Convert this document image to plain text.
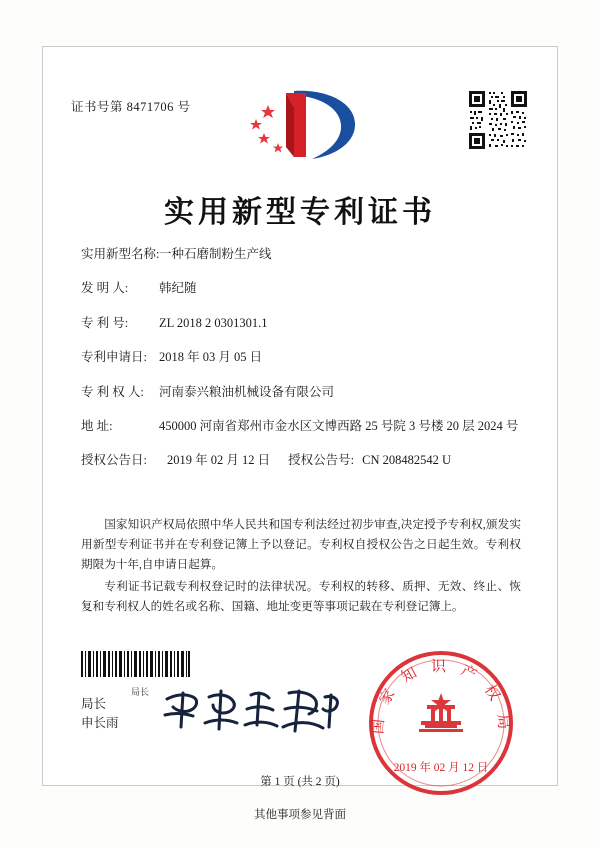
证书号第 8471706 号
实用新型专利证书
实用新型名称: 一种石磨制粉生产线
发 明 人:	韩纪随
专 利 号:	ZL 2018 2 0301301.1
专利申请日: 2018 年 03 月 05 日
专 利 权 人:	河南泰兴粮油机械设备有限公司
地 址:	450000 河南省郑州市金水区文博西路 25 号院 3 号楼 20 层 2024 号
授权公告日:	2019 年 02 月 12 日	授权公告号: CN 208482542 U

国家知识产权局依照中华人民共和国专利法经过初步审查,决定授予专利权,颁发实用新型专利证书并在专利登记簿上予以登记。专利权自授权公告之日起生效。专利权期限为十年,自申请日起算。

专利证书记载专利权登记时的法律状况。专利权的转移、质押、无效、终止、恢复和专利权人的姓名或名称、国籍、地址变更等事项记载在专利登记簿上。

局长
局长
申长雨	国 家 知 识 产 权 局
2019 年 02 月 12 日
第 1 页 (共 2 页)
其他事项参见背面
